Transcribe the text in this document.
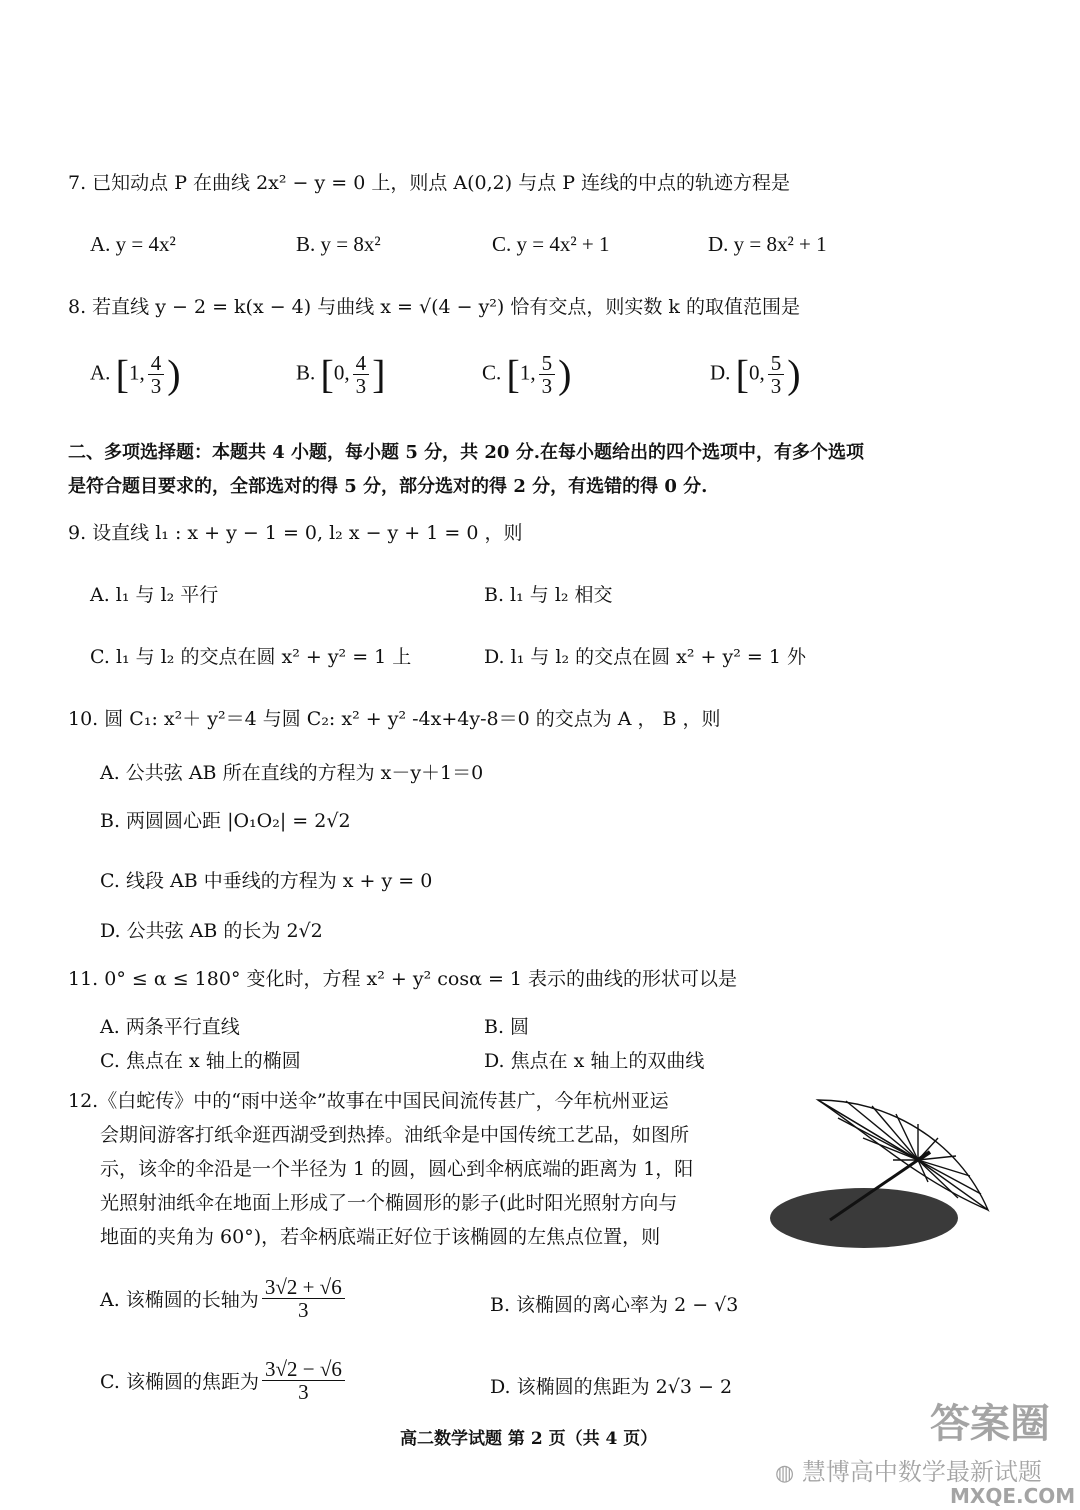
7. 已知动点 P 在曲线 2x² − y = 0 上，则点 A(0,2) 与点 P 连线的中点的轨迹方程是
A. y = 4x²	B. y = 8x²	C. y = 4x² + 1	D. y = 8x² + 1
8. 若直线 y − 2 = k(x − 4) 与曲线 x = √(4 − y²) 恰有交点，则实数 k 的取值范围是
A. [1, $\frac{4}{3}$ )	B. [0, $\frac{4}{3}$ ]	C. [1, $\frac{5}{3}$ )	D. [0, $\frac{5}{3}$ )
二、多项选择题：本题共 4 小题，每小题 5 分，共 20 分.在每小题给出的四个选项中，有多个选项
是符合题目要求的，全部选对的得 5 分，部分选对的得 2 分，有选错的得 0 分.
9. 设直线 l₁ : x + y − 1 = 0, l₂ x − y + 1 = 0 ，则
A. l₁ 与 l₂ 平行	B. l₁ 与 l₂ 相交
C. l₁ 与 l₂ 的交点在圆 x² + y² = 1 上	D. l₁ 与 l₂ 的交点在圆 x² + y² = 1 外
10. 圆 C₁: x²＋ y²＝4 与圆 C₂: x² + y² -4x+4y-8＝0 的交点为 A ， B ，则
A. 公共弦 AB 所在直线的方程为 x－y＋1＝0
B. 两圆圆心距 |O₁O₂| = 2√2
C. 线段 AB 中垂线的方程为 x + y = 0
D. 公共弦 AB 的长为 2√2
11. 0° ≤ α ≤ 180° 变化时，方程 x² + y² cosα = 1 表示的曲线的形状可以是
A. 两条平行直线	B. 圆
C. 焦点在 x 轴上的椭圆	D. 焦点在 x 轴上的双曲线
12.《白蛇传》中的“雨中送伞”故事在中国民间流传甚广，今年杭州亚运
会期间游客打纸伞逛西湖受到热捧。油纸伞是中国传统工艺品，如图所
示，该伞的伞沿是一个半径为 1 的圆，圆心到伞柄底端的距离为 1，阳
光照射油纸伞在地面上形成了一个椭圆形的影子(此时阳光照射方向与
地面的夹角为 60°)，若伞柄底端正好位于该椭圆的左焦点位置，则
A. 该椭圆的长轴为 $\frac{3√2 + √6}{3}$	B. 该椭圆的离心率为 2 − √3
C. 该椭圆的焦距为 $\frac{3√2 - √6}{3}$	D. 该椭圆的焦距为 2√3 − 2
高二数学试题 第 2 页（共 4 页）
◍ 慧博高中数学最新试题
答案圈
MXQE.COM
